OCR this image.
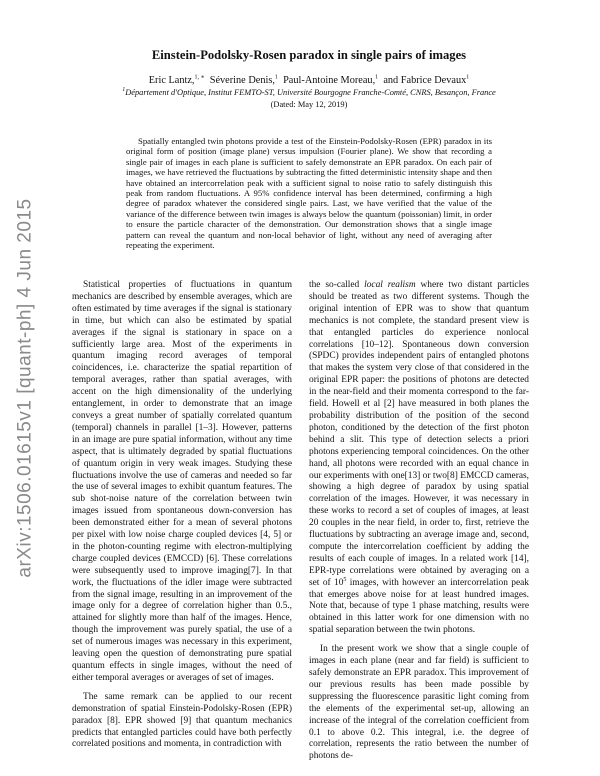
arXiv:1506.01615v1 [quant-ph] 4 Jun 2015
Einstein-Podolsky-Rosen paradox in single pairs of images
Eric Lantz,$^{1, ∗}$ Séverine Denis,$^1$ Paul-Antoine Moreau,$^1$ and Fabrice Devaux$^1$
$^1$Département d'Optique, Institut FEMTO-ST, Université Bourgogne Franche-Comté, CNRS, Besançon, France
(Dated: May 12, 2019)

Spatially entangled twin photons provide a test of the Einstein-Podolsky-Rosen (EPR) paradox in its original form of position (image plane) versus impulsion (Fourier plane). We show that recording a single pair of images in each plane is sufficient to safely demonstrate an EPR paradox. On each pair of images, we have retrieved the fluctuations by subtracting the fitted deterministic intensity shape and then have obtained an intercorrelation peak with a sufficient signal to noise ratio to safely distinguish this peak from random fluctuations. A 95% confidence interval has been determined, confirming a high degree of paradox whatever the considered single pairs. Last, we have verified that the value of the variance of the difference between twin images is always below the quantum (poissonian) limit, in order to ensure the particle character of the demonstration. Our demonstration shows that a single image pattern can reveal the quantum and non-local behavior of light, without any need of averaging after repeating the experiment.

Statistical properties of fluctuations in quantum mechanics are described by ensemble averages, which are often estimated by time averages if the signal is stationary in time, but which can also be estimated by spatial averages if the signal is stationary in space on a sufficiently large area. Most of the experiments in quantum imaging record averages of temporal coincidences, i.e. characterize the spatial repartition of temporal averages, rather than spatial averages, with accent on the high dimensionality of the underlying entanglement, in order to demonstrate that an image conveys a great number of spatially correlated quantum (temporal) channels in parallel [1–3]. However, patterns in an image are pure spatial information, without any time aspect, that is ultimately degraded by spatial fluctuations of quantum origin in very weak images. Studying these fluctuations involve the use of cameras and needed so far the use of several images to exhibit quantum features. The sub shot-noise nature of the correlation between twin images issued from spontaneous down-conversion has been demonstrated either for a mean of several photons per pixel with low noise charge coupled devices [4, 5] or in the photon-counting regime with electron-multiplying charge coupled devices (EMCCD) [6]. These correlations were subsequently used to improve imaging[7]. In that work, the fluctuations of the idler image were subtracted from the signal image, resulting in an improvement of the image only for a degree of correlation higher than 0.5., attained for slightly more than half of the images. Hence, though the improvement was purely spatial, the use of a set of numerous images was necessary in this experiment, leaving open the question of demonstrating pure spatial quantum effects in single images, without the need of either temporal averages or averages of set of images.

The same remark can be applied to our recent demonstration of spatial Einstein-Podolsky-Rosen (EPR) paradox [8]. EPR showed [9] that quantum mechanics predicts that entangled particles could have both perfectly correlated positions and momenta, in contradiction with

the so-called local realism where two distant particles should be treated as two different systems. Though the original intention of EPR was to show that quantum mechanics is not complete, the standard present view is that entangled particles do experience nonlocal correlations [10–12]. Spontaneous down conversion (SPDC) provides independent pairs of entangled photons that makes the system very close of that considered in the original EPR paper: the positions of photons are detected in the near-field and their momenta correspond to the far-field. Howell et al [2] have measured in both planes the probability distribution of the position of the second photon, conditioned by the detection of the first photon behind a slit. This type of detection selects a priori photons experiencing temporal coincidences. On the other hand, all photons were recorded with an equal chance in our experiments with one[13] or two[8] EMCCD cameras, showing a high degree of paradox by using spatial correlation of the images. However, it was necessary in these works to record a set of couples of images, at least 20 couples in the near field, in order to, first, retrieve the fluctuations by subtracting an average image and, second, compute the intercorrelation coefficient by adding the results of each couple of images. In a related work [14], EPR-type correlations were obtained by averaging on a set of $10^5$ images, with however an intercorrelation peak that emerges above noise for at least hundred images. Note that, because of type 1 phase matching, results were obtained in this latter work for one dimension with no spatial separation between the twin photons.

In the present work we show that a single couple of images in each plane (near and far field) is sufficient to safely demonstrate an EPR paradox. This improvement of our previous results has been made possible by suppressing the fluorescence parasitic light coming from the elements of the experimental set-up, allowing an increase of the integral of the correlation coefficient from 0.1 to above 0.2. This integral, i.e. the degree of correlation, represents the ratio between the number of photons de-
